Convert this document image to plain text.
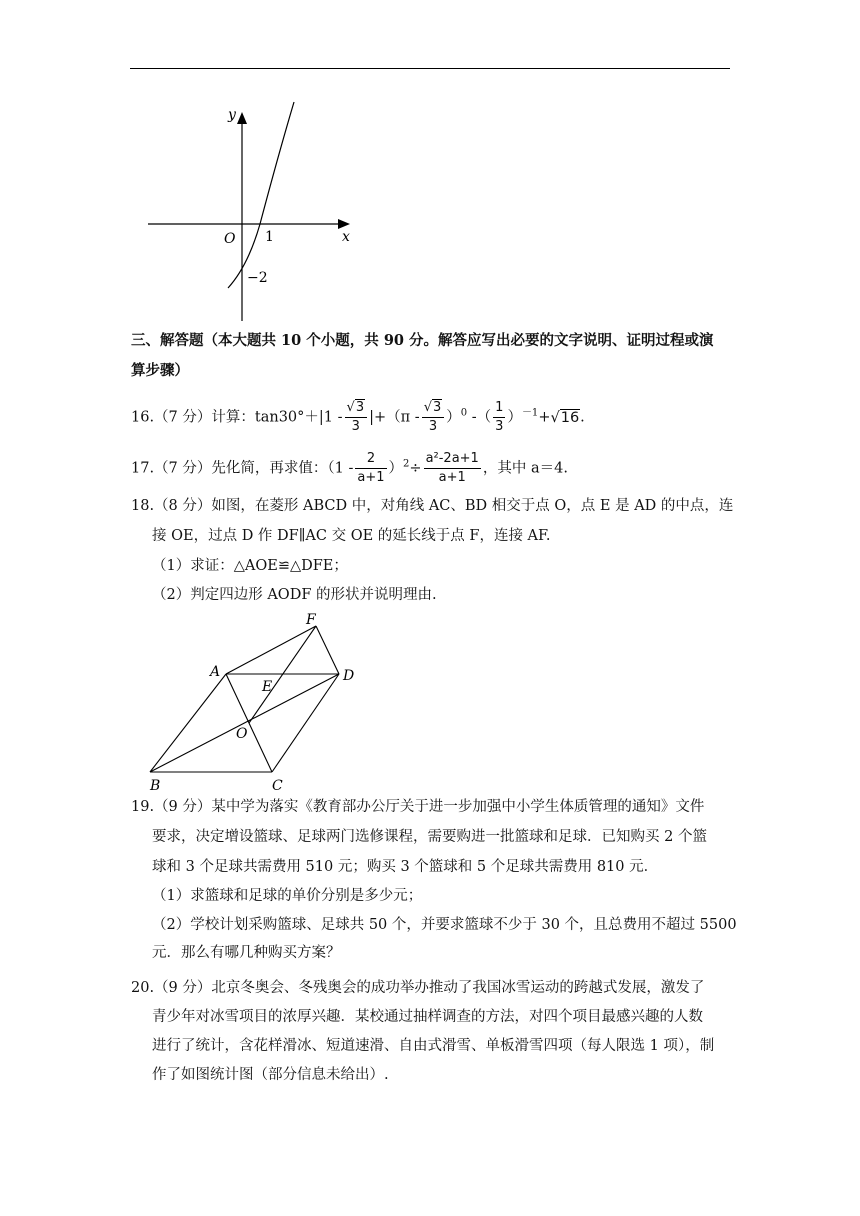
y
x
O 1
−2
三、解答题（本大题共 10 个小题，共 90 分。解答应写出必要的文字说明、证明过程或演
算步骤）
16.（7 分）计算：$\tan 30^\circ+|1 - \frac{√3}{3} |+(\pi - \frac{√3}{3} )^0$ -（ $\frac{1}{3} )^{-1}+√16$.
17.（7 分）先化简，再求值：$(1 - \frac{2}{a+1} )^2\div \frac{\text{a²-2a+1}}{a+1}$ ，其中 a＝4.
18.（8 分）如图，在菱形 ABCD 中，对角线 AC、BD 相交于点 O，点 E 是 AD 的中点，连
接 OE，过点 D 作 DF∥AC 交 OE 的延长线于点 F，连接 AF.
（1）求证：△AOE≌△DFE；
（2）判定四边形 AODF 的形状并说明理由.
A
B	C
D
E
F
O
19.（9 分）某中学为落实《教育部办公厅关于进一步加强中小学生体质管理的通知》文件
要求，决定增设篮球、足球两门选修课程，需要购进一批篮球和足球．已知购买 2 个篮
球和 3 个足球共需费用 510 元；购买 3 个篮球和 5 个足球共需费用 810 元．
（1）求篮球和足球的单价分别是多少元；
（2）学校计划采购篮球、足球共 50 个，并要求篮球不少于 30 个，且总费用不超过 5500
元．那么有哪几种购买方案？
20.（9 分）北京冬奥会、冬残奥会的成功举办推动了我国冰雪运动的跨越式发展，激发了
青少年对冰雪项目的浓厚兴趣．某校通过抽样调查的方法，对四个项目最感兴趣的人数
进行了统计，含花样滑冰、短道速滑、自由式滑雪、单板滑雪四项（每人限选 1 项），制
作了如图统计图（部分信息未给出）.
